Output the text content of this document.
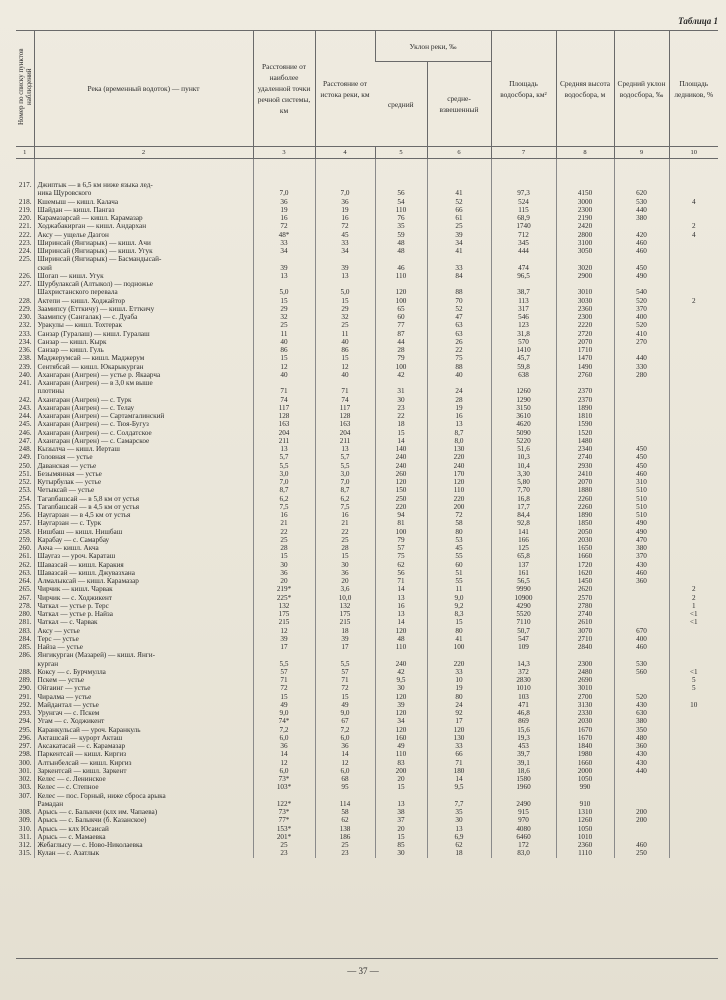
Таблица 1
Номер по списку пунктов наблюдений	Река (временный водоток) — пункт	Расстояние от наиболее удаленной точки речной системы, км	Расстояние от истока реки, км	Уклон реки, ‰		Площадь водосбора, км²	Средняя высота водосбора, м	Средний уклон водосбора, ‰	Площадь ледников, %
				средний	средне-взвешенный				
1	2	3	4	5	6	7	8	9	10

217.	Джиптык — в 6,5 км ниже языка лед-								
	ника Щуровского	7,0	7,0	56	41	97,3	4150	620	
218.	Кшемыш — кишл. Калача	36	36	54	52	524	3000	530	4
219.	Шайдан — кишл. Пангаз	19	19	110	66	115	2300	440	
220.	Карамазарсай — кишл. Карамазар	16	16	76	61	68,9	2190	380	
221.	Ходжабакирган — кишл. Андархан	72	72	35	25	1740	2420		2
222.	Аксу — ущелье Дазгон	48*	45	59	39	712	2800	420	4
223.	Ширинсай (Янгиарык) — кишл. Ачи	33	33	48	34	345	3100	460	
224.	Ширинсай (Янгиарык) — кишл. Угук	34	34	48	41	444	3050	460	
225.	Ширинсай (Янгиарык) — Басмандысай-								
	ский	39	39	46	33	474	3020	450	
226.	Шогап — кишл. Угук	13	13	110	84	96,5	2900	490	
227.	Шурбулаксай (Алтыкол) — подножье								
	Шахристанского перевала	5,0	5,0	120	88	38,7	3010	540	
228.	Актепи — кишл. Ходжайтор	15	15	100	70	113	3030	520	2
229.	Заамипсу (Етткичу) — кишл. Етткичу	29	29	65	52	317	2360	370	
230.	Заамипсу (Сангалак) — с. Дуаба	32	32	60	47	546	2300	400	
232.	Уракулы — кишл. Тохтерак	25	25	77	63	123	2220	520	
233.	Санзар (Гуралаш) — кишл. Гуралаш	11	11	87	63	31,8	2720	410	
234.	Санзар — кишл. Кырк	40	40	44	26	570	2070	270	
236.	Санзар — кишл. Гуль	86	86	28	22	1410	1710		
238.	Маджерумсай — кишл. Маджерум	15	15	79	75	45,7	1470	440	
239.	Сентябсай — кишл. Юкарыкурган	12	12	100	88	59,8	1490	330	
240.	Ахангаран (Ангрен) — устье р. Якаарча	40	40	42	40	638	2760	280	
241.	Ахангаран (Ангрен) — в 3,0 км выше								
	плотины	71	71	31	24	1260	2370		
242.	Ахангаран (Ангрен) — с. Турк	74	74	30	28	1290	2370		
243.	Ахангаран (Ангрен) — с. Телау	117	117	23	19	3150	1890		
244.	Ахангаран (Ангрен) — Сартамгалинский	128	128	22	16	3610	1810		
245.	Ахангаран (Ангрен) — с. Тюя-Бугуз	163	163	18	13	4620	1590		
246.	Ахангаран (Ангрен) — с. Солдатское	204	204	15	8,7	5090	1520		
247.	Ахангаран (Ангрен) — с. Самарское	211	211	14	8,0	5220	1480		
248.	Кызылча — кишл. Иерташ	13	13	140	130	51,6	2340	450	
249.	Головная — устье	5,7	5,7	240	220	10,3	2740	450	
250.	Даванская — устье	5,5	5,5	240	240	10,4	2930	450	
251.	Безымянная — устье	3,0	3,0	260	170	3,30	2410	460	
252.	Кутырбулак — устье	7,0	7,0	120	120	5,80	2070	310	
253.	Четыксай — устье	8,7	8,7	150	110	7,70	1880	510	
254.	Тагапбашсай — в 5,8 км от устья	6,2	6,2	250	220	16,8	2260	510	
255.	Тагапбашсай — в 4,5 км от устья	7,5	7,5	220	200	17,7	2260	510	
256.	Наугарзан — в 4,5 км от устья	16	16	94	72	84,4	1890	510	
257.	Наугарзан — с. Турк	21	21	81	58	92,8	1850	490	
258.	Нишбаш — кишл. Нишбаш	22	22	100	80	141	2050	490	
259.	Карабау — с. Самарбау	25	25	79	53	166	2030	470	
260.	Акча — кишл. Акча	28	28	57	45	125	1650	380	
261.	Шаугаз — уроч. Караташ	15	15	75	55	65,8	1660	370	
262.	Шавазсай — кишл. Каракия	30	30	62	60	137	1720	430	
263.	Шавазсай — кишл. Джувазхана	36	36	56	51	161	1620	460	
264.	Алмалыксай — кишл. Карамазар	20	20	71	55	56,5	1450	360	
265.	Чирчик — кишл. Чарвак	219*	3,6	14	11	9990	2620		2
267.	Чирчик — с. Ходжикент	225*	10,0	13	9,0	10900	2570		2
278.	Чаткал — устье р. Терс	132	132	16	9,2	4290	2780		1
280.	Чаткал — устье р. Найза	175	175	13	8,3	5520	2740		<1
281.	Чаткал — с. Чарвак	215	215	14	15	7110	2610		<1
283.	Аксу — устье	12	18	120	80	50,7	3070	670	
284.	Терс — устье	39	39	48	41	547	2710	400	
285.	Найза — устье	17	17	110	100	109	2840	460	
286.	Янгикурган (Мазарей) — кишл. Янги-								
	курган	5,5	5,5	240	220	14,3	2300	530	
288.	Коксу — с. Бурчмулла	57	57	42	33	372	2480	560	<1
289.	Пскем — устье	71	71	9,5	10	2830	2690		5
290.	Ойгаинг — устье	72	72	30	19	1010	3010		5
291.	Чиралма — устье	15	15	120	80	103	2700	520	
292.	Майдантал — устье	49	49	39	24	471	3130	430	10
293.	Урунгач — с. Пскем	9,0	9,0	120	92	46,8	2330	630	
294.	Угам — с. Ходжикент	74*	67	34	17	869	2030	380	
295.	Каранкульсай — уроч. Каранкуль	7,2	7,2	120	120	15,6	1670	350	
296.	Акташсай — курорт Акташ	6,0	6,0	160	130	19,3	1670	480	
297.	Аксакатасай — с. Карамазар	36	36	49	33	453	1840	360	
298.	Паркентсай — кишл. Киргиз	14	14	110	66	39,7	1980	430	
300.	Алтынбелсай — кишл. Киргиз	12	12	83	71	39,1	1660	430	
301.	Заркентсай — кишл. Заркент	6,0	6,0	200	180	18,6	2000	440	
302.	Келес — с. Ленинское	73*	68	20	14	1580	1050		
303.	Келес — с. Степное	103*	95	15	9,5	1960	990		
307.	Келес — пос. Горный, ниже сброса арыка								
	Рамадан	122*	114	13	7,7	2490	910		
308.	Арысь — с. Балыкчи (клх им. Чапаева)	73*	58	38	35	915	1310	200	
309.	Арысь — с. Балыкчи (б. Казанское)	77*	62	37	30	970	1260	200	
310.	Арысь — клх Юсаисай	153*	138	20	13	4080	1050		
311.	Арысь — с. Мамаевка	201*	186	15	6,9	6460	1010		
312.	Жебаглысу — с. Ново-Николаевка	25	25	85	62	172	2360	460	
315.	Кулан — с. Азатлык	23	23	30	18	83,0	1110	250	
— 37 —
